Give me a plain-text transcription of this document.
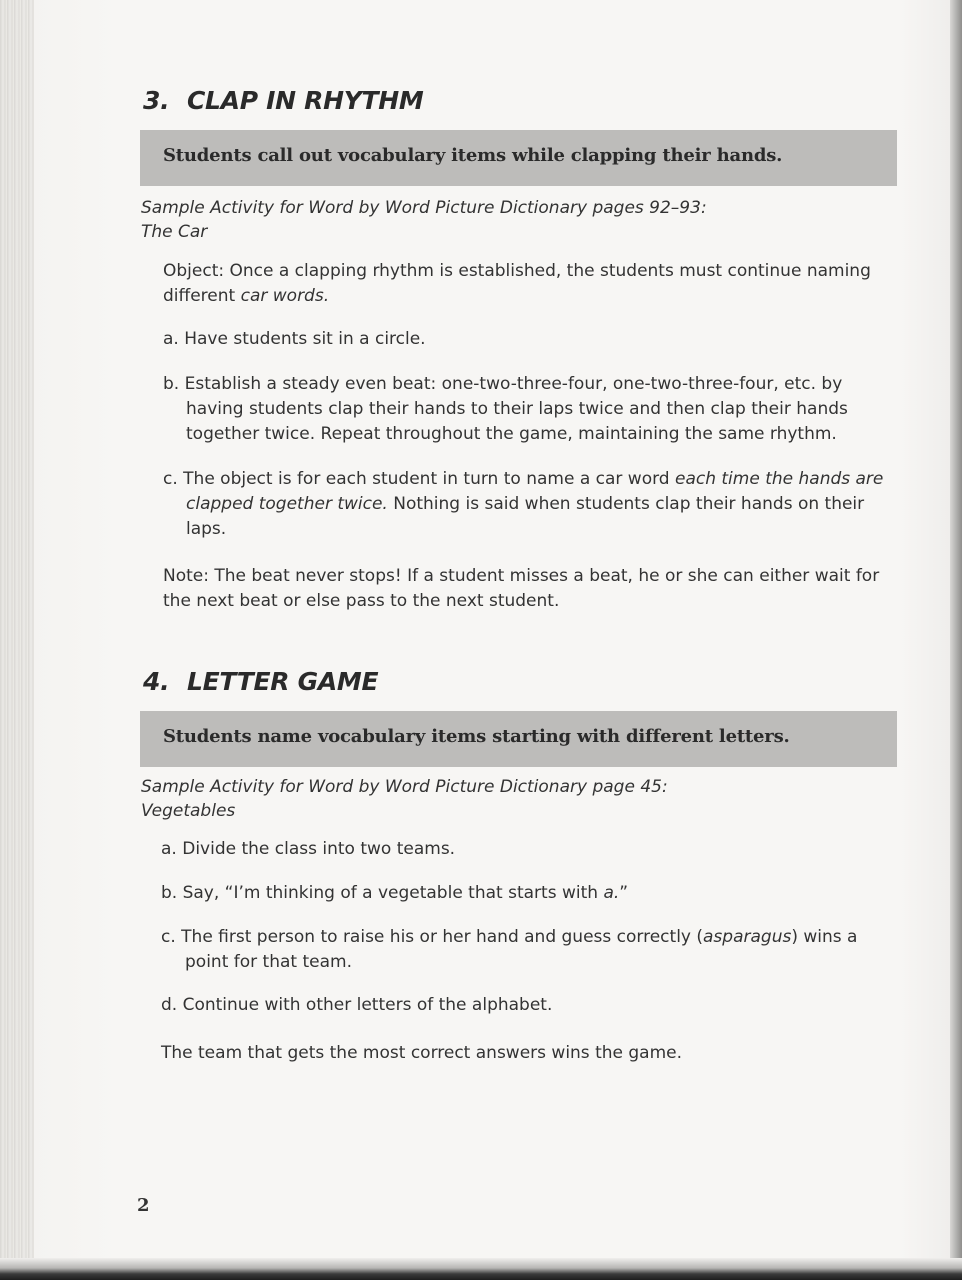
3. CLAP IN RHYTHM
Students call out vocabulary items while clapping their hands.
Sample Activity for Word by Word Picture Dictionary pages 92–93:
The Car
Object: Once a clapping rhythm is established, the students must continue naming
different car words.
a. Have students sit in a circle.
b. Establish a steady even beat: one-two-three-four, one-two-three-four, etc. by
having students clap their hands to their laps twice and then clap their hands
together twice. Repeat throughout the game, maintaining the same rhythm.
c. The object is for each student in turn to name a car word each time the hands are
clapped together twice. Nothing is said when students clap their hands on their
laps.
Note: The beat never stops! If a student misses a beat, he or she can either wait for
the next beat or else pass to the next student.
4. LETTER GAME
Students name vocabulary items starting with different letters.
Sample Activity for Word by Word Picture Dictionary page 45:
Vegetables
a. Divide the class into two teams.
b. Say, “I’m thinking of a vegetable that starts with a.”
c. The first person to raise his or her hand and guess correctly (asparagus) wins a
point for that team.
d. Continue with other letters of the alphabet.
The team that gets the most correct answers wins the game.
2
